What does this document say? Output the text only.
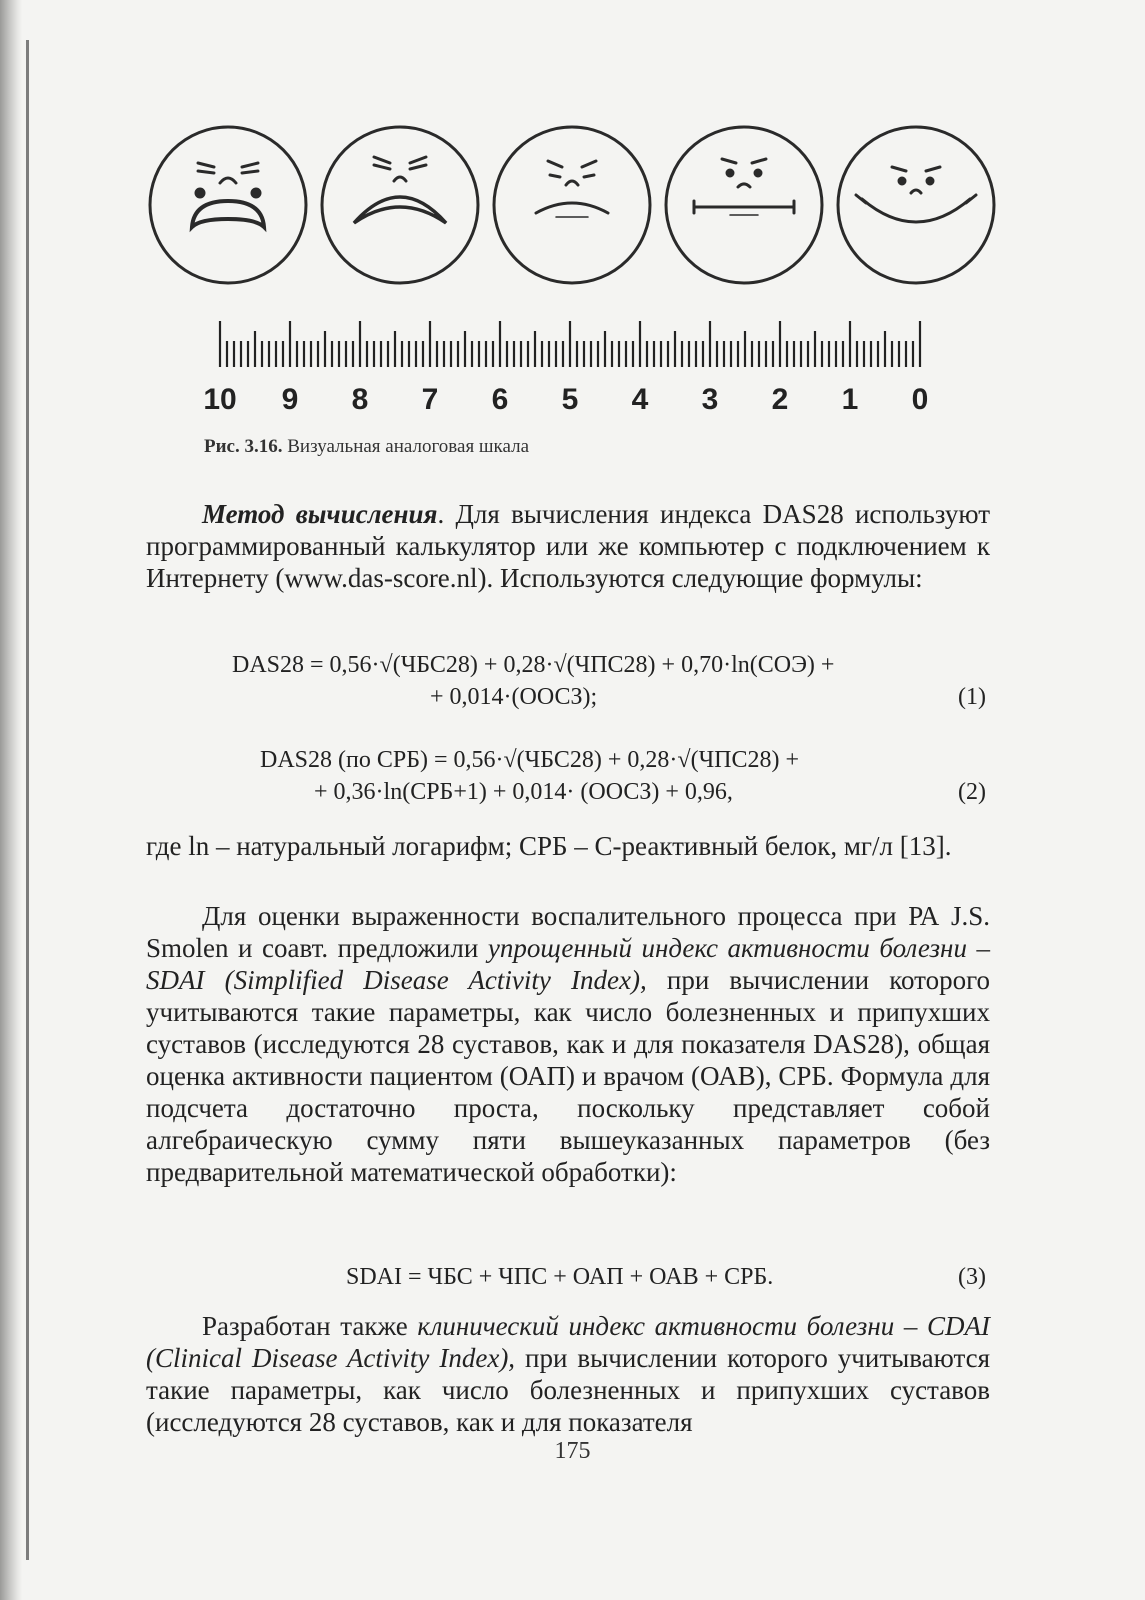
10 9 8 7 6 5 4 3 2 1 0
Рис. 3.16. Визуальная аналоговая шкала
Метод вычисления. Для вычисления индекса DAS28 используют программированный калькулятор или же компьютер с подключением к Интернету (www.das-score.nl). Используются следующие формулы:
DAS28 = 0,56·√(ЧБС28) + 0,28·√(ЧПС28) + 0,70·ln(СОЭ) +
+ 0,014·(ООСЗ);	(1)
DAS28 (по СРБ) = 0,56·√(ЧБС28) + 0,28·√(ЧПС28) +
+ 0,36·ln(СРБ+1) + 0,014· (ООСЗ) + 0,96,	(2)
где ln – натуральный логарифм; СРБ – С-реактивный белок, мг/л [13].
Для оценки выраженности воспалительного процесса при РА J.S. Smolen и соавт. предложили упрощенный индекс активности болезни – SDAI (Simplified Disease Activity Index), при вычислении которого учитываются такие параметры, как число болезненных и припухших суставов (исследуются 28 суставов, как и для показателя DAS28), общая оценка активности пациентом (ОАП) и врачом (ОАВ), СРБ. Формула для подсчета достаточно проста, поскольку представляет собой алгебраическую сумму пяти вышеуказанных параметров (без предварительной математической обработки):
SDAI = ЧБС + ЧПС + ОАП + ОАВ + СРБ.	(3)
Разработан также клинический индекс активности болезни – CDAI (Clinical Disease Activity Index), при вычислении которого учитываются такие параметры, как число болезненных и припухших суставов (исследуются 28 суставов, как и для показателя
175
